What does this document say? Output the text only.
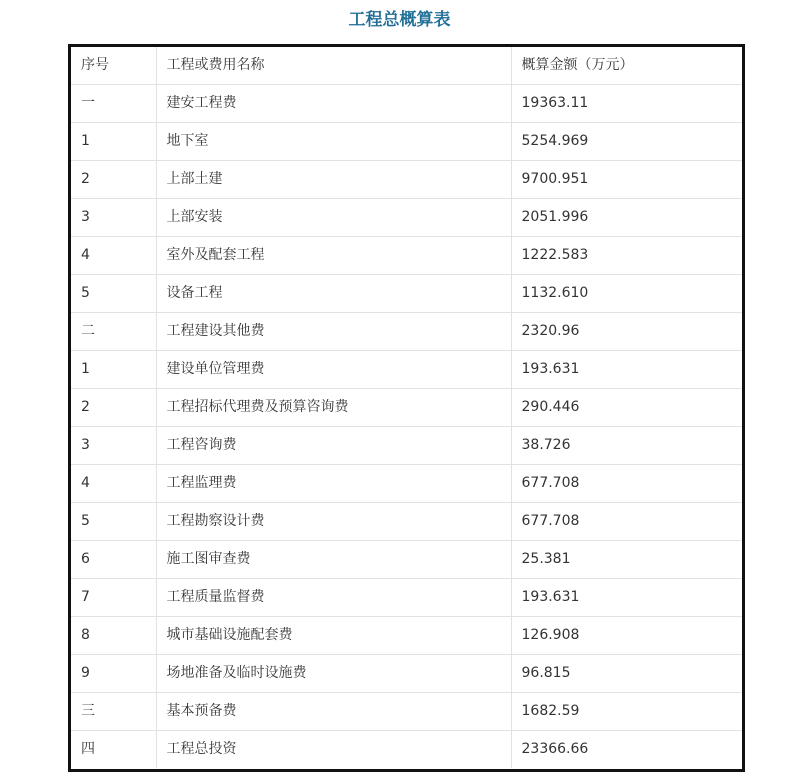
工程总概算表
序号	工程或费用名称	概算金额（万元）
一	建安工程费	19363.11
1	地下室	5254.969
2	上部土建	9700.951
3	上部安装	2051.996
4	室外及配套工程	1222.583
5	设备工程	1132.610
二	工程建设其他费	2320.96
1	建设单位管理费	193.631
2	工程招标代理费及预算咨询费	290.446
3	工程咨询费	38.726
4	工程监理费	677.708
5	工程勘察设计费	677.708
6	施工图审查费	25.381
7	工程质量监督费	193.631
8	城市基础设施配套费	126.908
9	场地准备及临时设施费	96.815
三	基本预备费	1682.59
四	工程总投资	23366.66
